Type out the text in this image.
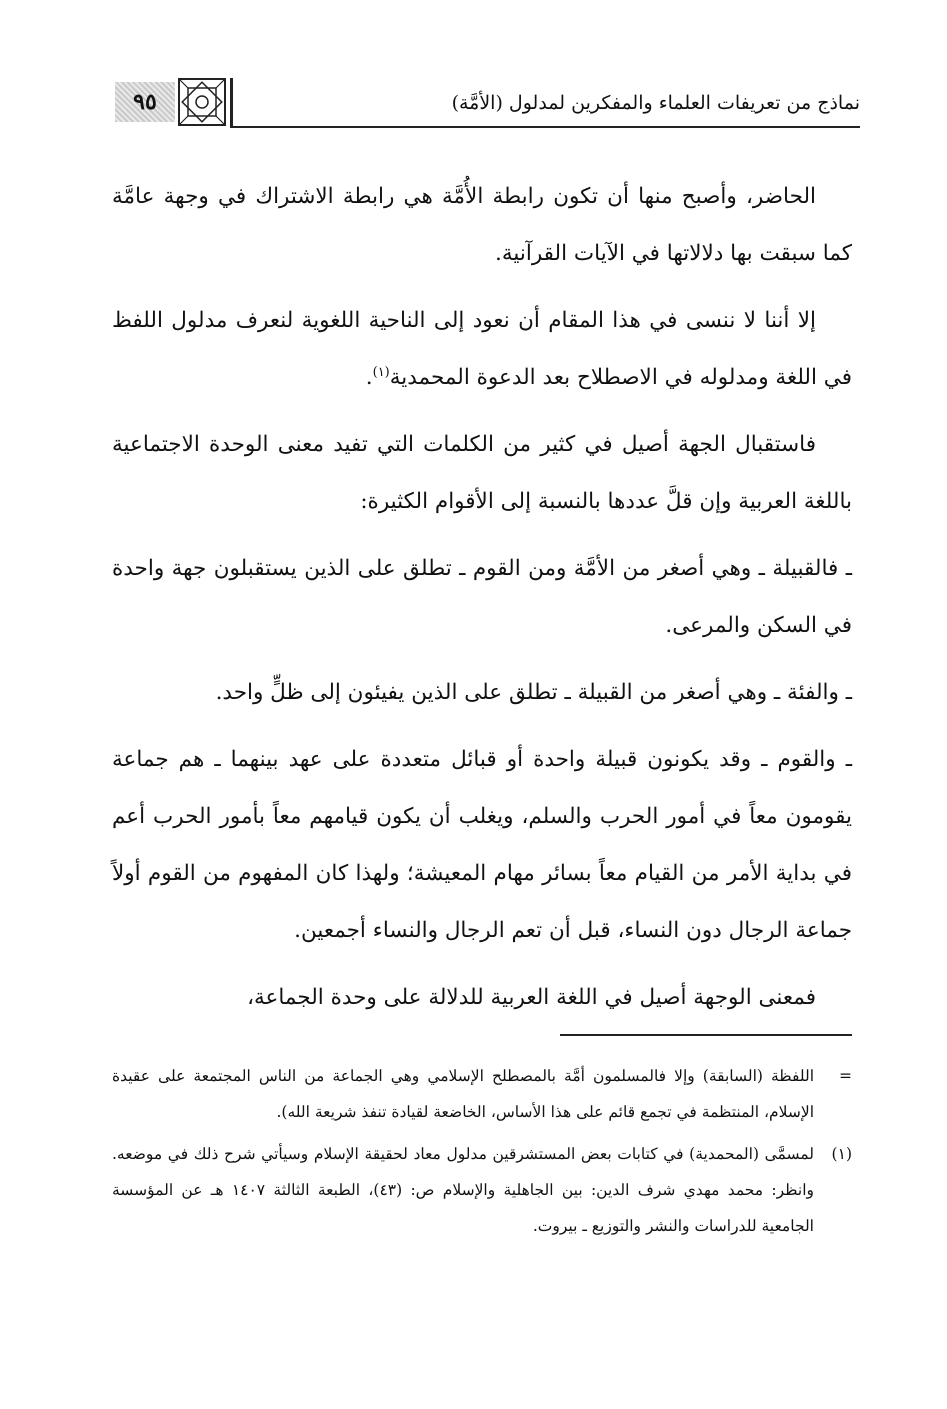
٩٥	نماذج من تعريفات العلماء والمفكرين لمدلول (الأمَّة)

الحاضر، وأصبح منها أن تكون رابطة الأُمَّة هي رابطة الاشتراك في وجهة عامَّة كما سبقت بها دلالاتها في الآيات القرآنية.

إلا أننا لا ننسى في هذا المقام أن نعود إلى الناحية اللغوية لنعرف مدلول اللفظ في اللغة ومدلوله في الاصطلاح بعد الدعوة المحمدية$^{(١)}$.

فاستقبال الجهة أصيل في كثير من الكلمات التي تفيد معنى الوحدة الاجتماعية باللغة العربية وإن قلَّ عددها بالنسبة إلى الأقوام الكثيرة:

ـ فالقبيلة ـ وهي أصغر من الأمَّة ومن القوم ـ تطلق على الذين يستقبلون جهة واحدة في السكن والمرعى.

ـ والفئة ـ وهي أصغر من القبيلة ـ تطلق على الذين يفيئون إلى ظلٍّ واحد.

ـ والقوم ـ وقد يكونون قبيلة واحدة أو قبائل متعددة على عهد بينهما ـ هم جماعة يقومون معاً في أمور الحرب والسلم، ويغلب أن يكون قيامهم معاً بأمور الحرب أعم في بداية الأمر من القيام معاً بسائر مهام المعيشة؛ ولهذا كان المفهوم من القوم أولاً جماعة الرجال دون النساء، قبل أن تعم الرجال والنساء أجمعين.

فمعنى الوجهة أصيل في اللغة العربية للدلالة على وحدة الجماعة،

=
اللفظة (السابقة) وإلا فالمسلمون أمَّة بالمصطلح الإسلامي وهي الجماعة من الناس المجتمعة على عقيدة الإسلام، المنتظمة في تجمع قائم على هذا الأساس، الخاضعة لقيادة تنفذ شريعة الله).
(١)
لمسمَّى (المحمدية) في كتابات بعض المستشرقين مدلول معاد لحقيقة الإسلام وسيأتي شرح ذلك في موضعه. وانظر: محمد مهدي شرف الدين: بين الجاهلية والإسلام ص: (٤٣)، الطبعة الثالثة ١٤٠٧ هـ عن المؤسسة الجامعية للدراسات والنشر والتوزيع ـ بيروت.
